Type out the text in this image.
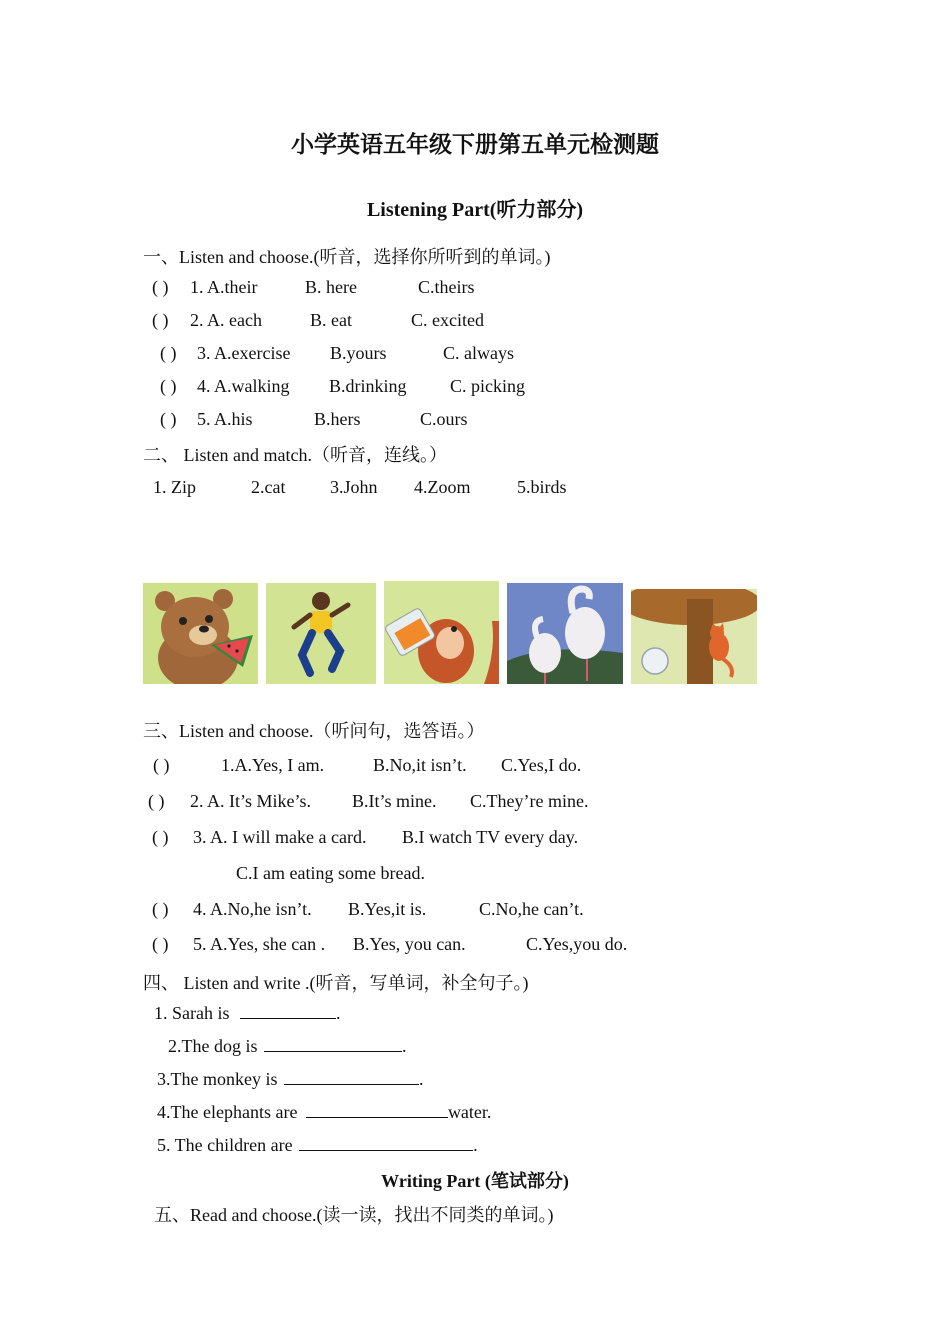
小学英语五年级下册第五单元检测题
Listening Part(听力部分)
一、Listen and choose.(听音，选择你所听到的单词。)
( ) 1. A.their	B. here	C.theirs
( ) 2. A. each	B. eat	C. excited
( ) 3. A.exercise B.yours	C. always
( ) 4. A.walking B.drinking C. picking
( ) 5. A.his	B.hers	C.ours
二、 Listen and match.（听音，连线。）
1. Zip	2.cat 3.John 4.Zoom	5.birds
三、Listen and choose.（听问句，选答语。）
( )	1.A.Yes, I am.	B.No,it isn’t. C.Yes,I do.
( ) 2. A. It’s Mike’s. B.It’s mine. C.They’re mine.
( ) 3. A. I will make a card. B.I watch TV every day.
C.I am eating some bread.
( ) 4. A.No,he isn’t. B.Yes,it is.	C.No,he can’t.
( ) 5. A.Yes, she can . B.Yes, you can.	C.Yes,you do.
四、 Listen and write .(听音，写单词，补全句子。)
1. Sarah is	.
2.The dog is	.
3.The monkey is	.
4.The elephants are	water.
5. The children are	.
Writing Part (笔试部分)
五、Read and choose.(读一读，找出不同类的单词。)
